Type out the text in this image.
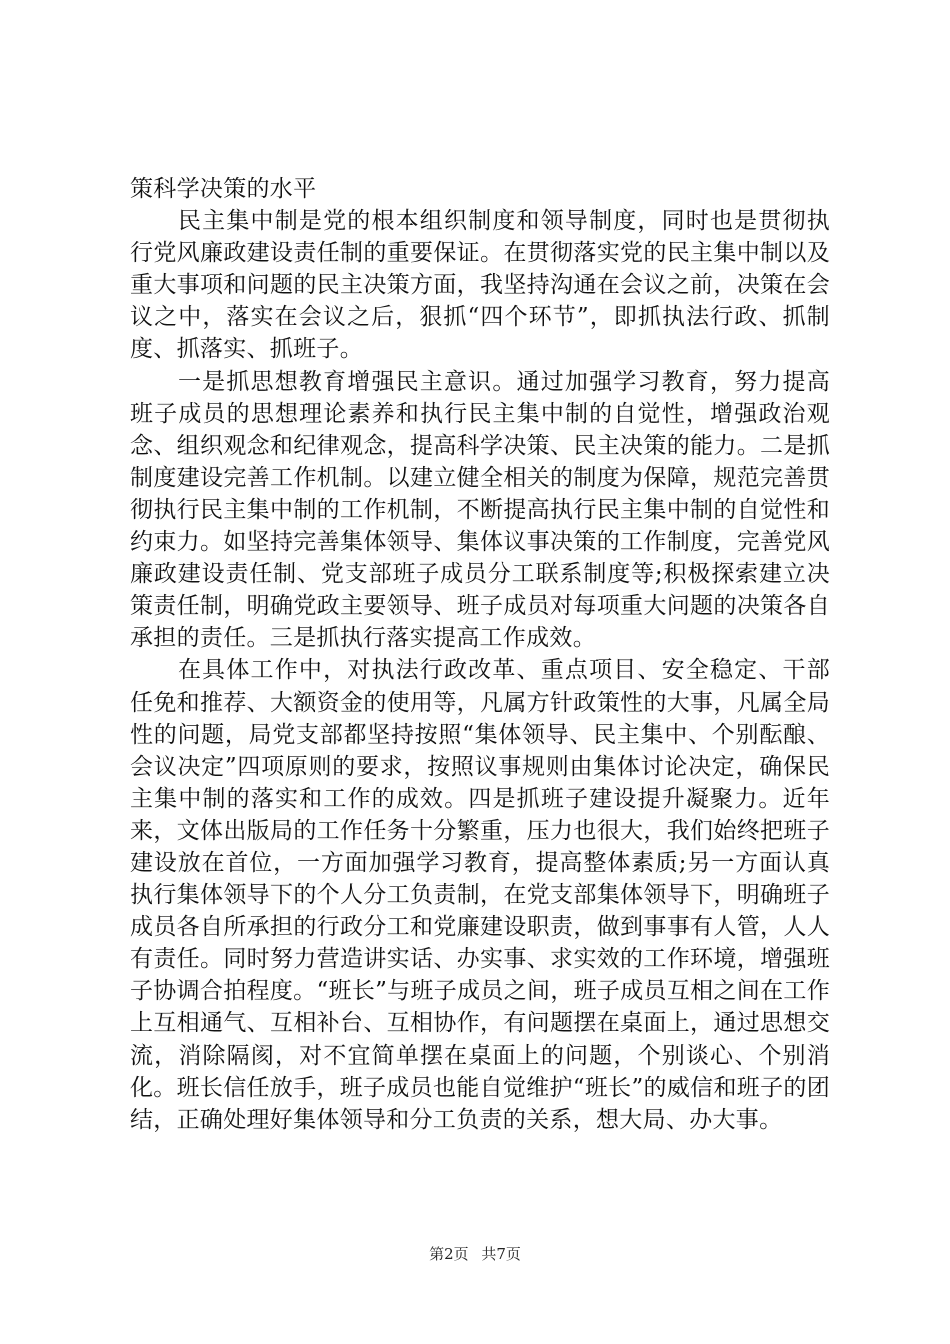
策科学决策的水平

民主集中制是党的根本组织制度和领导制度，同时也是贯彻执行党风廉政建设责任制的重要保证。在贯彻落实党的民主集中制以及重大事项和问题的民主决策方面，我坚持沟通在会议之前，决策在会议之中，落实在会议之后，狠抓“四个环节”，即抓执法行政、抓制度、抓落实、抓班子。

一是抓思想教育增强民主意识。通过加强学习教育，努力提高班子成员的思想理论素养和执行民主集中制的自觉性，增强政治观念、组织观念和纪律观念，提高科学决策、民主决策的能力。二是抓制度建设完善工作机制。以建立健全相关的制度为保障，规范完善贯彻执行民主集中制的工作机制，不断提高执行民主集中制的自觉性和约束力。如坚持完善集体领导、集体议事决策的工作制度，完善党风廉政建设责任制、党支部班子成员分工联系制度等;积极探索建立决策责任制，明确党政主要领导、班子成员对每项重大问题的决策各自承担的责任。三是抓执行落实提高工作成效。

在具体工作中，对执法行政改革、重点项目、安全稳定、干部任免和推荐、大额资金的使用等，凡属方针政策性的大事，凡属全局性的问题，局党支部都坚持按照“集体领导、民主集中、个别酝酿、会议决定”四项原则的要求，按照议事规则由集体讨论决定，确保民主集中制的落实和工作的成效。四是抓班子建设提升凝聚力。近年来，文体出版局的工作任务十分繁重，压力也很大，我们始终把班子建设放在首位，一方面加强学习教育，提高整体素质;另一方面认真执行集体领导下的个人分工负责制，在党支部集体领导下，明确班子成员各自所承担的行政分工和党廉建设职责，做到事事有人管，人人有责任。同时努力营造讲实话、办实事、求实效的工作环境，增强班子协调合拍程度。“班长”与班子成员之间，班子成员互相之间在工作上互相通气、互相补台、互相协作，有问题摆在桌面上，通过思想交流，消除隔阂，对不宜简单摆在桌面上的问题，个别谈心、个别消化。班长信任放手，班子成员也能自觉维护“班长”的威信和班子的团结，正确处理好集体领导和分工负责的关系，想大局、办大事。

第2页 共7页
